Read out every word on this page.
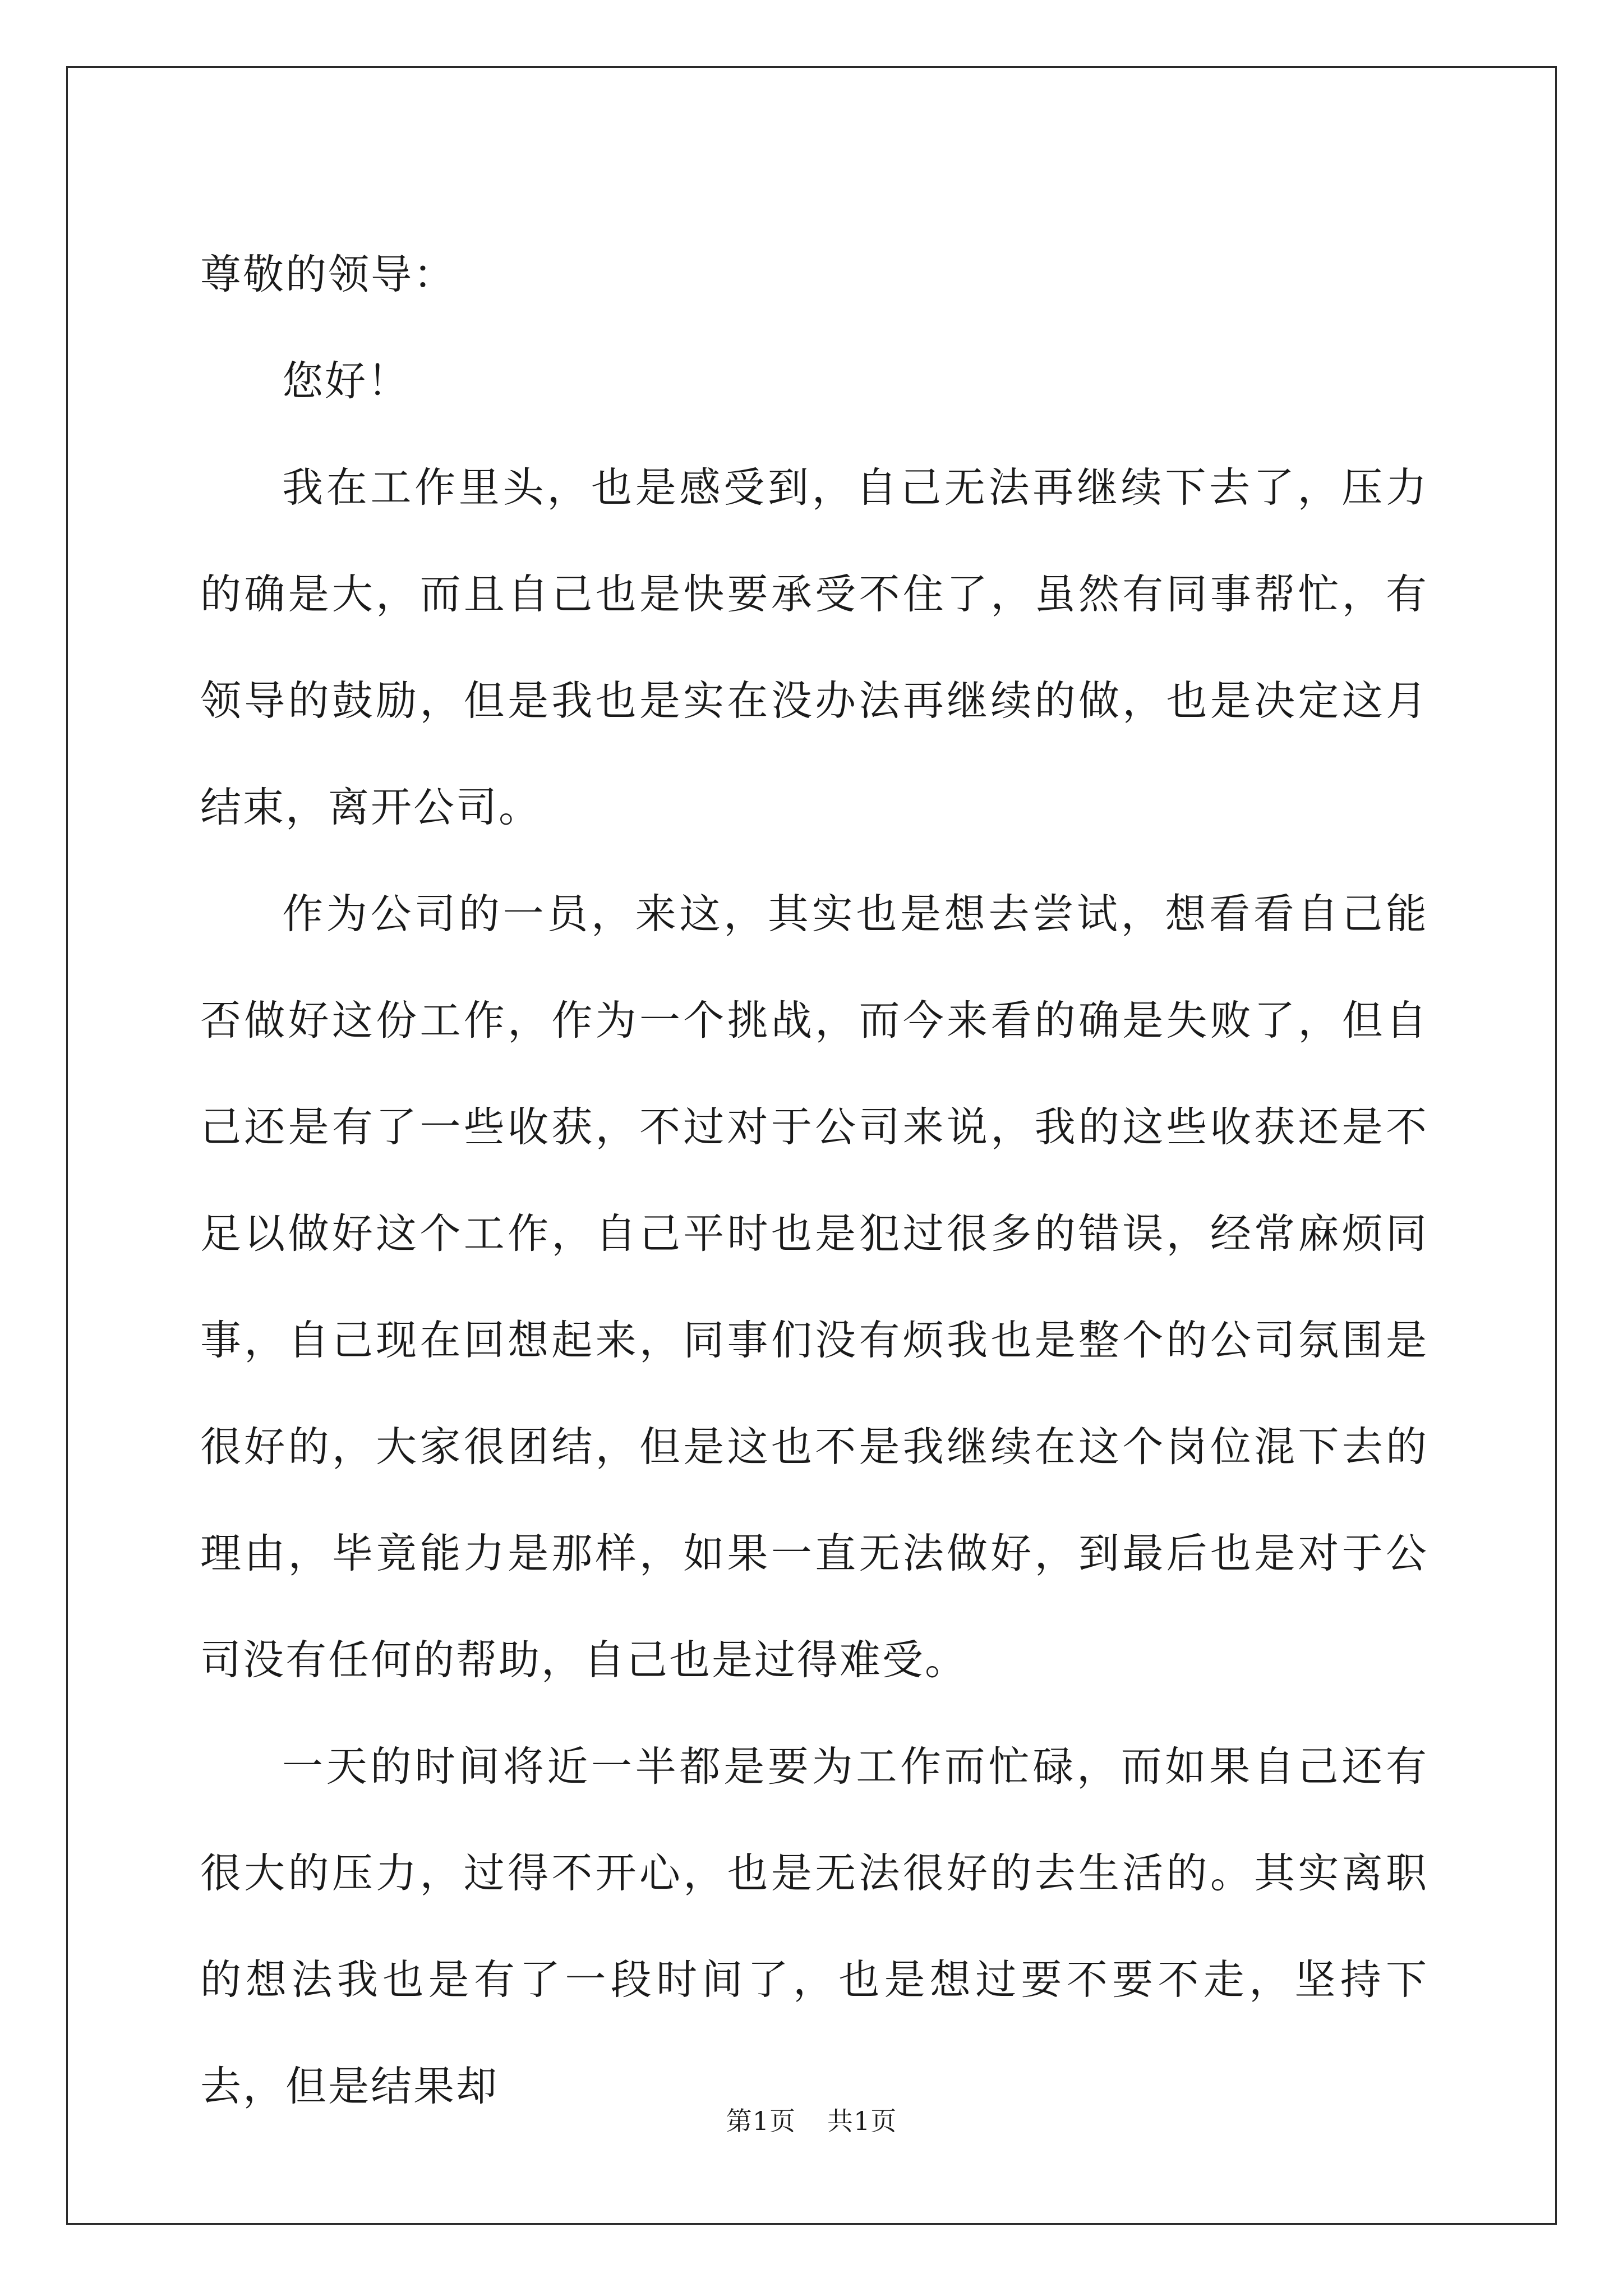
尊敬的领导：

您好！

我在工作里头，也是感受到，自己无法再继续下去了，压力的确是大，而且自己也是快要承受不住了，虽然有同事帮忙，有领导的鼓励，但是我也是实在没办法再继续的做，也是决定这月结束，离开公司。

作为公司的一员，来这，其实也是想去尝试，想看看自己能否做好这份工作，作为一个挑战，而今来看的确是失败了，但自己还是有了一些收获，不过对于公司来说，我的这些收获还是不足以做好这个工作，自己平时也是犯过很多的错误，经常麻烦同事，自己现在回想起来，同事们没有烦我也是整个的公司氛围是很好的，大家很团结，但是这也不是我继续在这个岗位混下去的理由，毕竟能力是那样，如果一直无法做好，到最后也是对于公司没有任何的帮助，自己也是过得难受。

一天的时间将近一半都是要为工作而忙碌，而如果自己还有很大的压力，过得不开心，也是无法很好的去生活的。其实离职的想法我也是有了一段时间了，也是想过要不要不走，坚持下去，但是结果却

第1页 共1页
